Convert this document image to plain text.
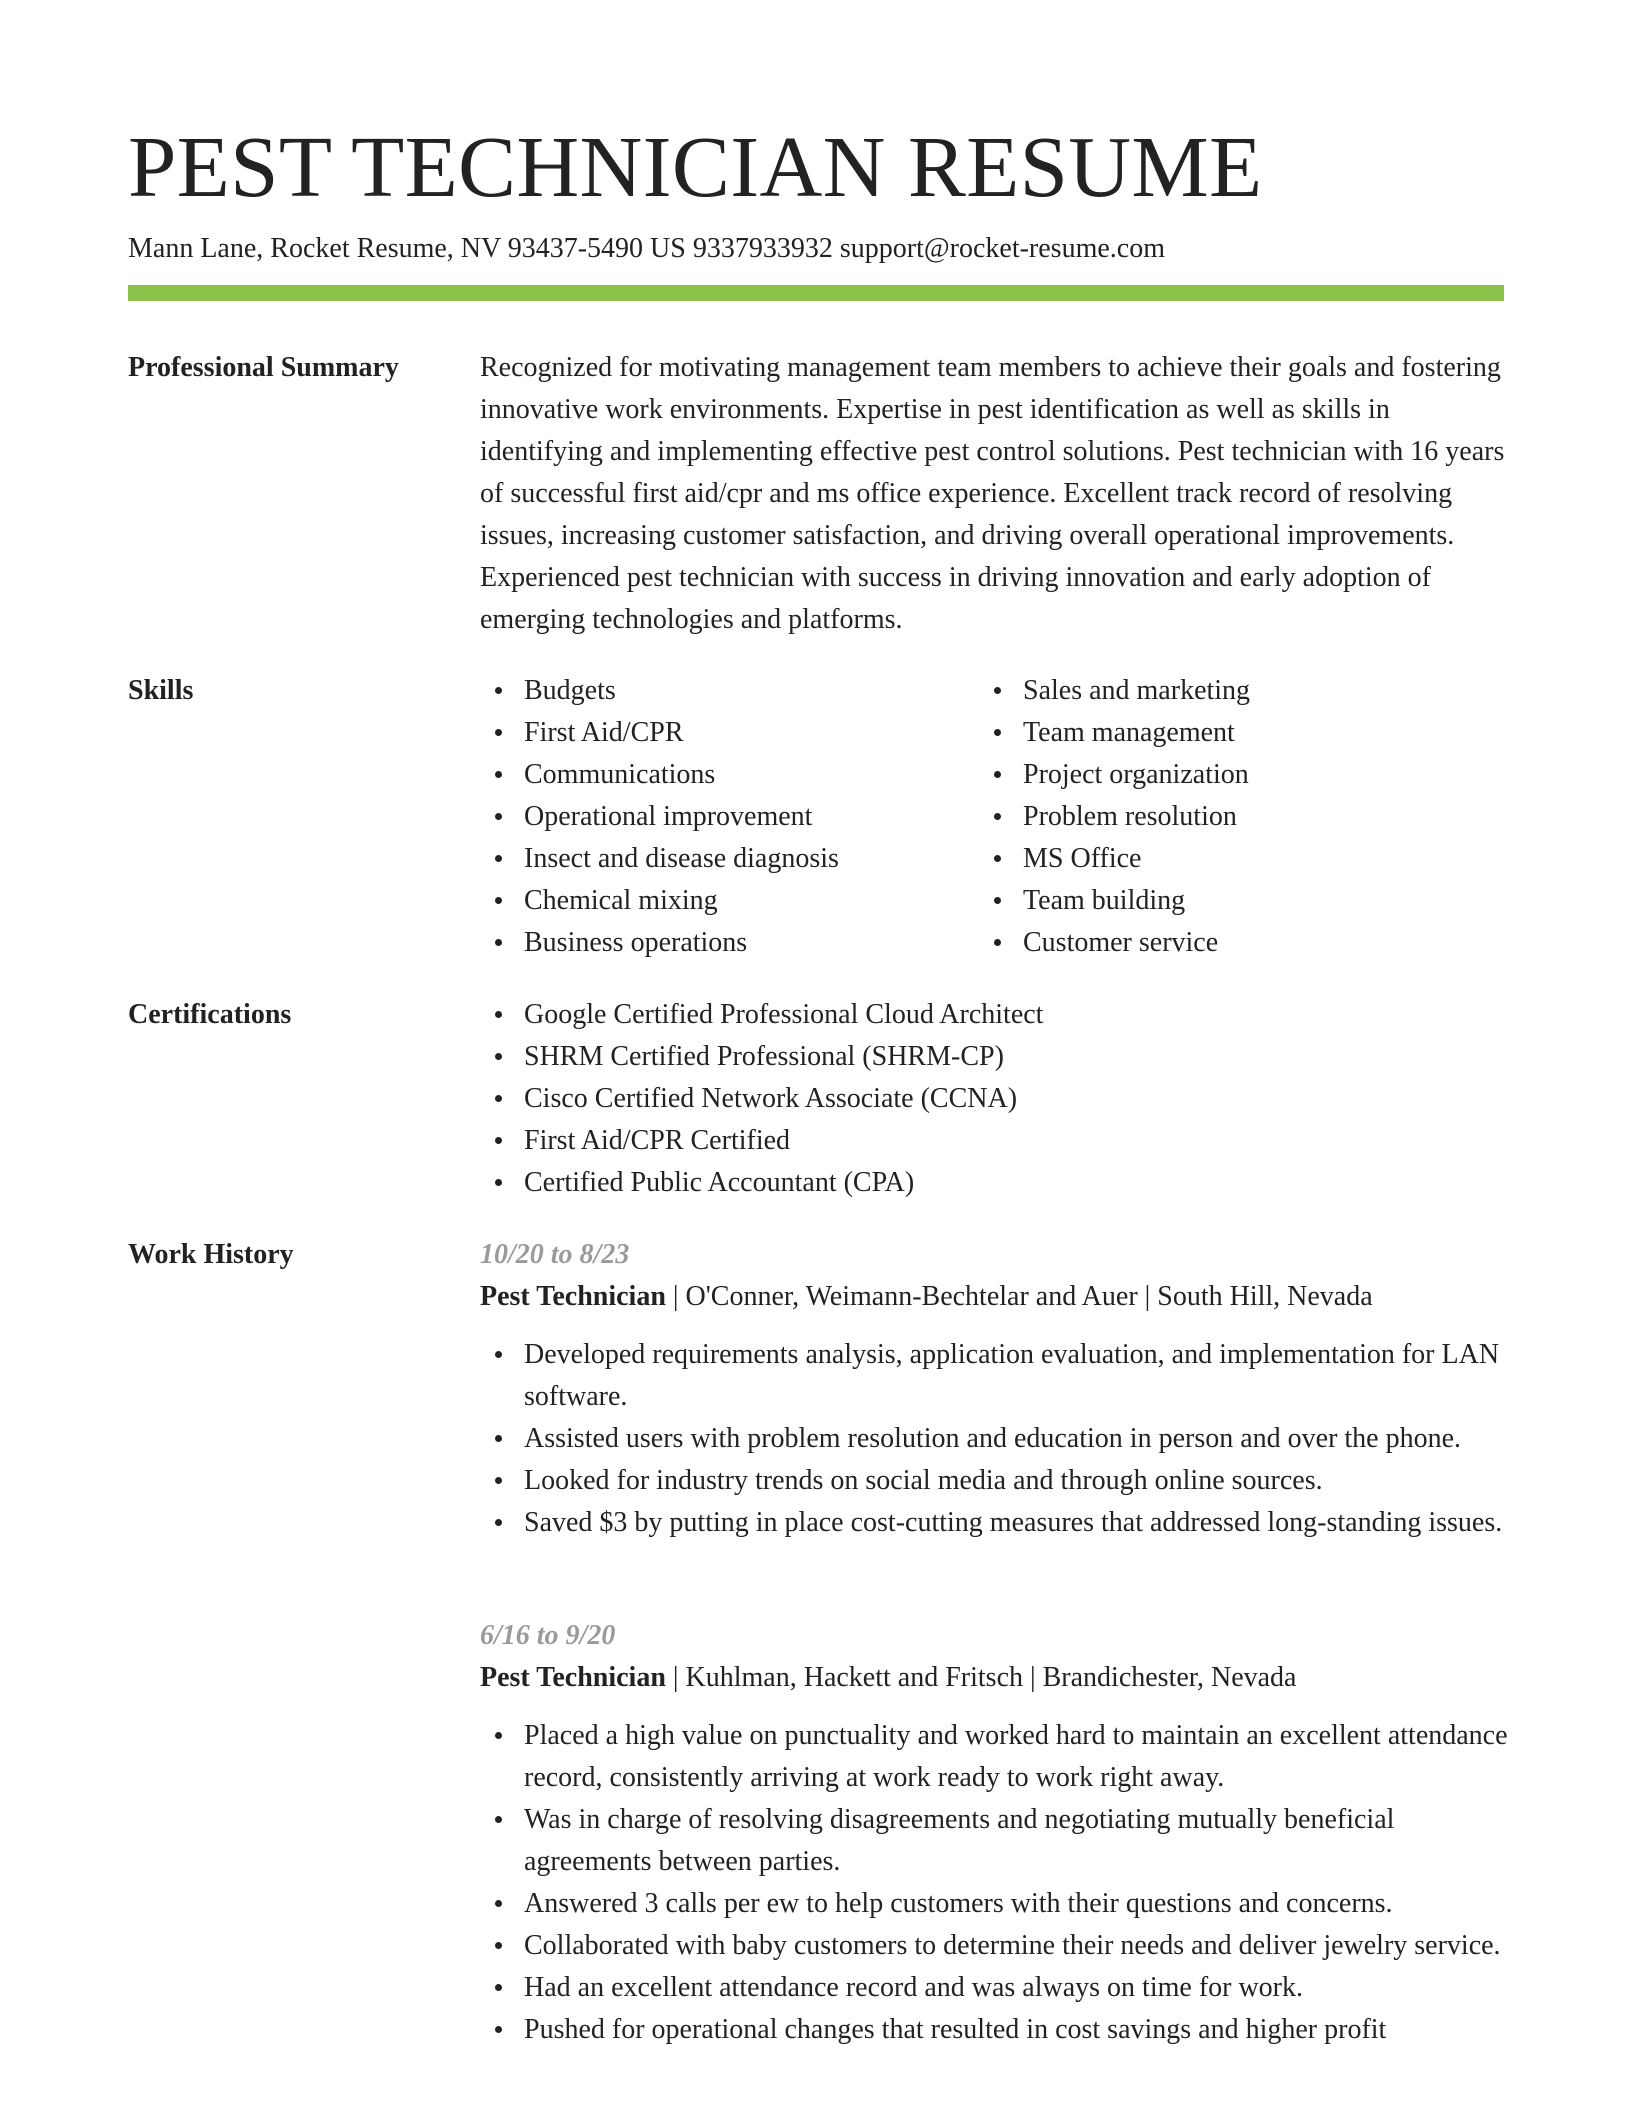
PEST TECHNICIAN RESUME
Mann Lane, Rocket Resume, NV 93437-5490 US 9337933932 support@rocket-resume.com
Professional Summary	Recognized for motivating management team members to achieve their goals and fostering innovative work environments. Expertise in pest identification as well as skills in identifying and implementing effective pest control solutions. Pest technician with 16 years of successful first aid/cpr and ms office experience. Excellent track record of resolving issues, increasing customer satisfaction, and driving overall operational improvements. Experienced pest technician with success in driving innovation and early adoption of emerging technologies and platforms.

Skills	Budgets
First Aid/CPR
Communications
Operational improvement
Insect and disease diagnosis
Chemical mixing
Business operations
Sales and marketing
Team management
Project organization
Problem resolution
MS Office
Team building
Customer service
Certifications	Google Certified Professional Cloud Architect
SHRM Certified Professional (SHRM-CP)
Cisco Certified Network Associate (CCNA)
First Aid/CPR Certified
Certified Public Accountant (CPA)
Work History	10/20 to 8/23
Pest Technician | O'Conner, Weimann-Bechtelar and Auer | South Hill, Nevada
Developed requirements analysis, application evaluation, and implementation for LAN software.
Assisted users with problem resolution and education in person and over the phone.
Looked for industry trends on social media and through online sources.
Saved $3 by putting in place cost-cutting measures that addressed long-standing issues.
6/16 to 9/20
Pest Technician | Kuhlman, Hackett and Fritsch | Brandichester, Nevada
Placed a high value on punctuality and worked hard to maintain an excellent attendance record, consistently arriving at work ready to work right away.
Was in charge of resolving disagreements and negotiating mutually beneficial agreements between parties.
Answered 3 calls per ew to help customers with their questions and concerns.
Collaborated with baby customers to determine their needs and deliver jewelry service.
Had an excellent attendance record and was always on time for work.
Pushed for operational changes that resulted in cost savings and higher profit
